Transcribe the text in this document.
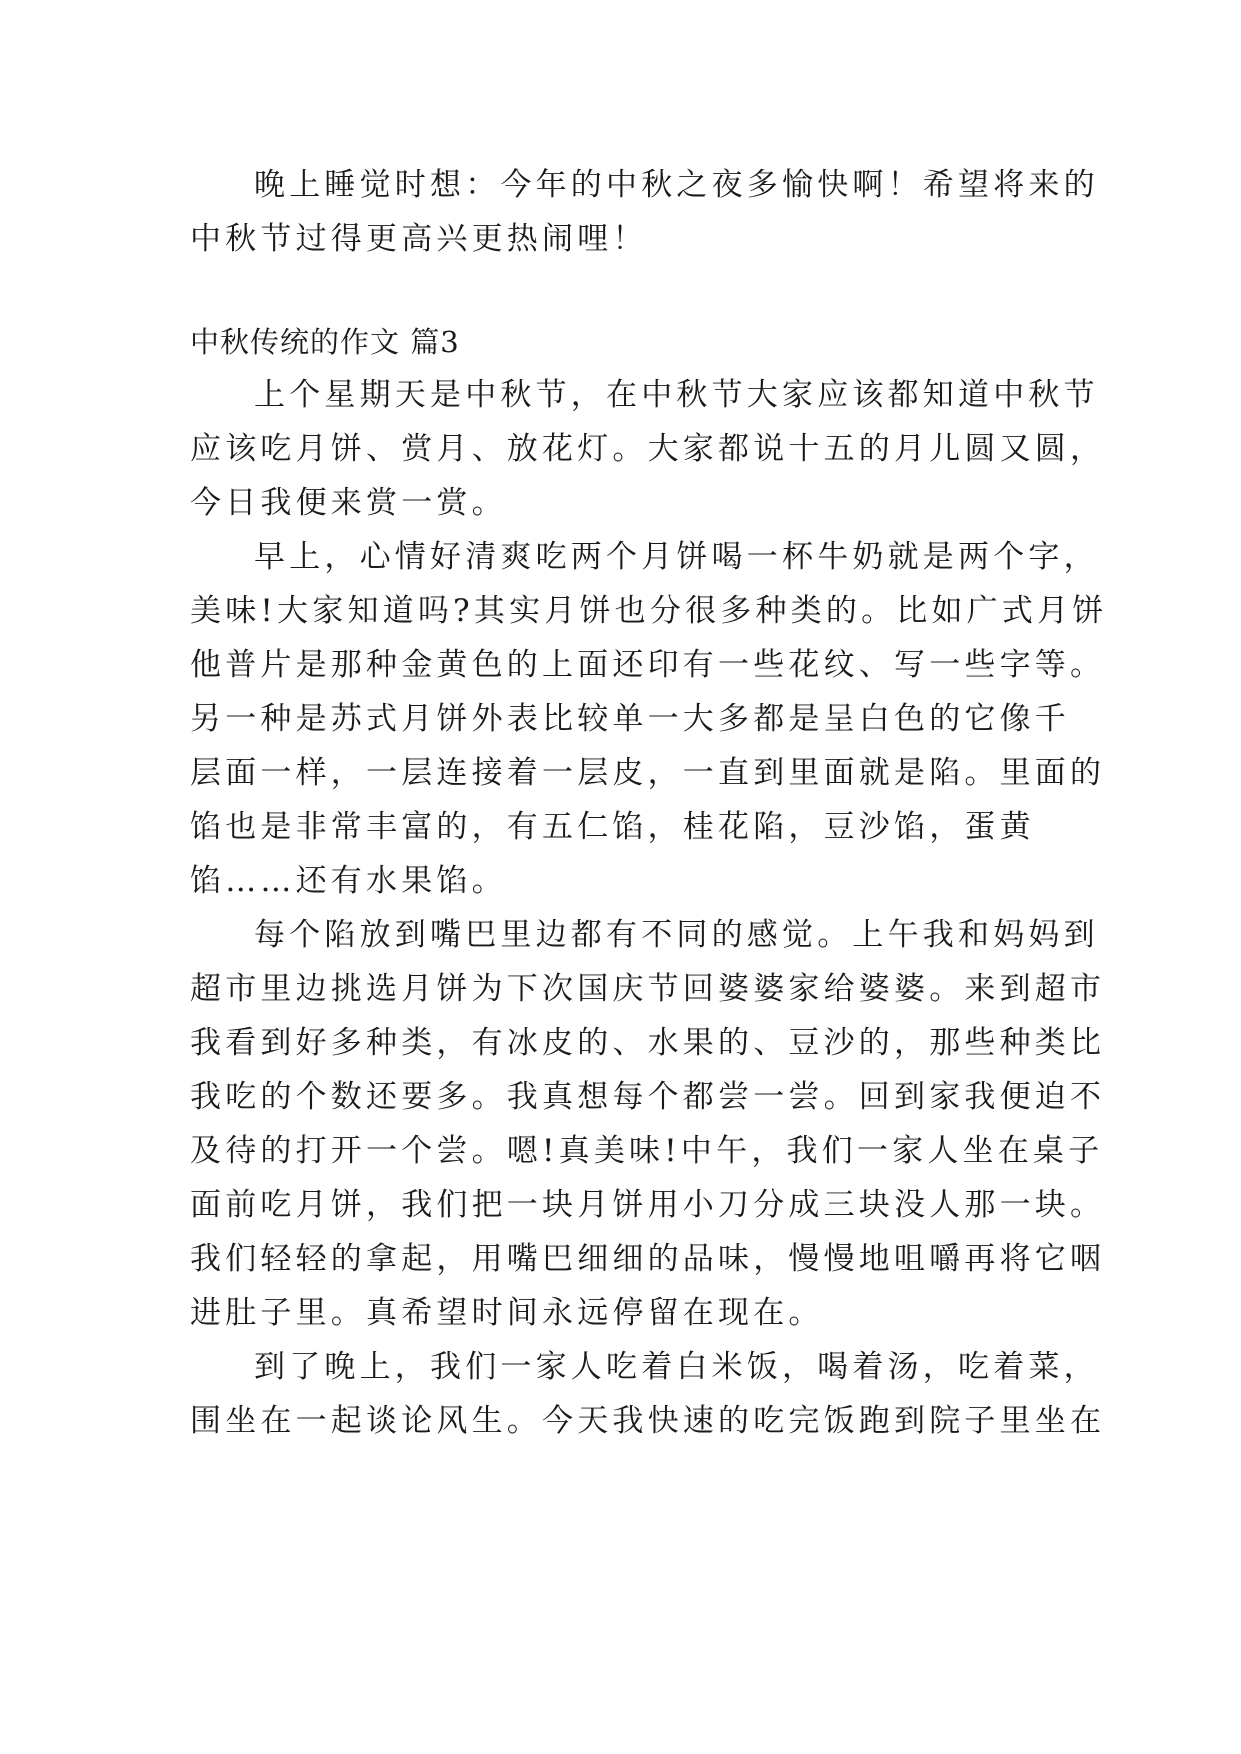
晚上睡觉时想：今年的中秋之夜多愉快啊！希望将来的
中秋节过得更高兴更热闹哩！
中秋传统的作文 篇3
上个星期天是中秋节，在中秋节大家应该都知道中秋节
应该吃月饼、赏月、放花灯。大家都说十五的月儿圆又圆，
今日我便来赏一赏。
早上，心情好清爽吃两个月饼喝一杯牛奶就是两个字，
美味!大家知道吗?其实月饼也分很多种类的。比如广式月饼
他普片是那种金黄色的上面还印有一些花纹、写一些字等。
另一种是苏式月饼外表比较单一大多都是呈白色的它像千
层面一样，一层连接着一层皮，一直到里面就是陷。里面的
馅也是非常丰富的，有五仁馅，桂花陷，豆沙馅，蛋黄
馅……还有水果馅。
每个陷放到嘴巴里边都有不同的感觉。上午我和妈妈到
超市里边挑选月饼为下次国庆节回婆婆家给婆婆。来到超市
我看到好多种类，有冰皮的、水果的、豆沙的，那些种类比
我吃的个数还要多。我真想每个都尝一尝。回到家我便迫不
及待的打开一个尝。嗯!真美味!中午，我们一家人坐在桌子
面前吃月饼，我们把一块月饼用小刀分成三块没人那一块。
我们轻轻的拿起，用嘴巴细细的品味，慢慢地咀嚼再将它咽
进肚子里。真希望时间永远停留在现在。
到了晚上，我们一家人吃着白米饭，喝着汤，吃着菜，
围坐在一起谈论风生。今天我快速的吃完饭跑到院子里坐在
